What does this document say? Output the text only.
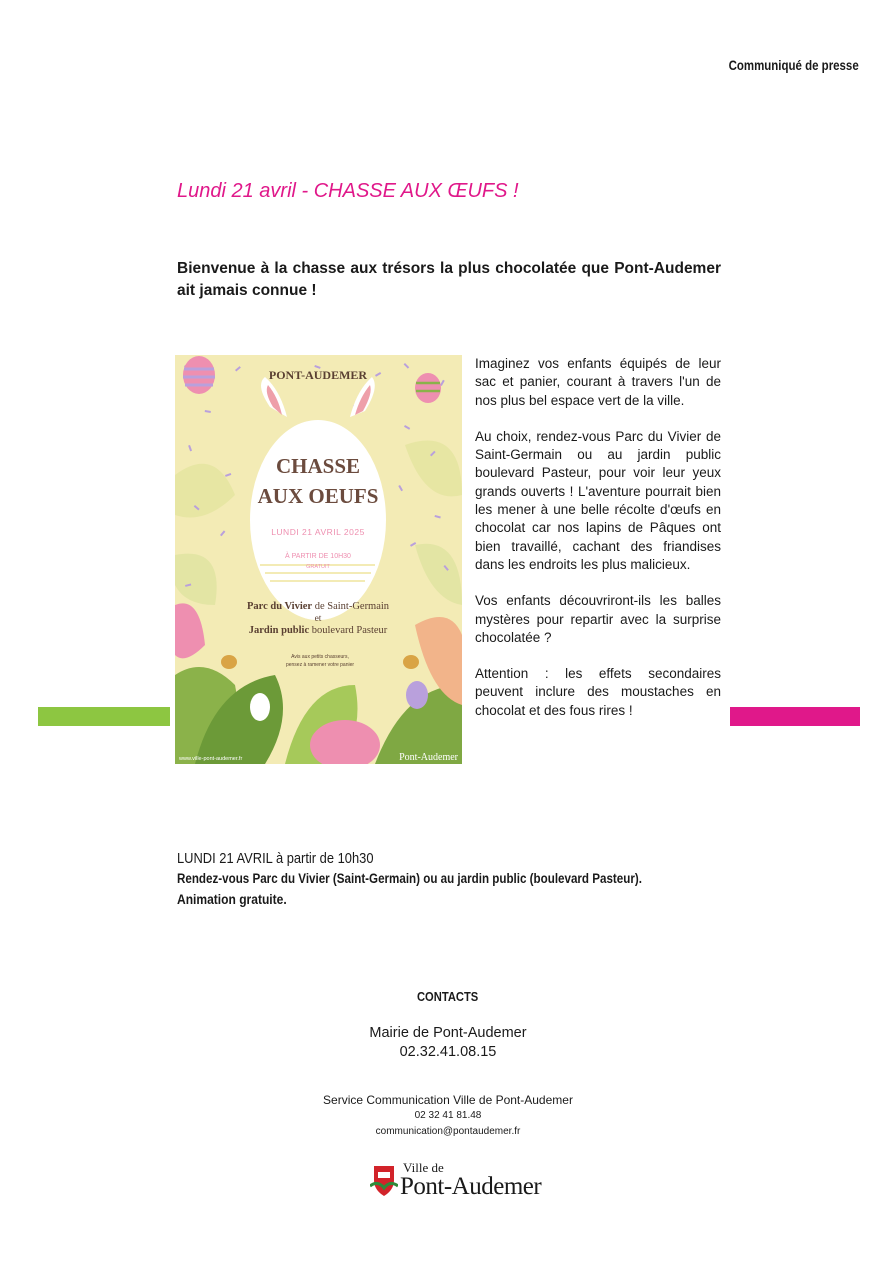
Communiqué de presse
Lundi 21 avril - CHASSE AUX ŒUFS !

Bienvenue à la chasse aux trésors la plus chocolatée que Pont-Audemer ait jamais connue !

PONT-AUDEMER
CHASSE
AUX OEUFS
LUNDI 21 AVRIL 2025
À PARTIR DE 10H30
GRATUIT
Parc du Vivier de Saint-Germain
et
Jardin public boulevard Pasteur
Avis aux petits chasseurs,
pensez à ramener votre panier
www.ville-pont-audemer.fr	Pont-Audemer

Imaginez vos enfants équipés de leur sac et panier, courant à travers l'un de nos plus bel espace vert de la ville.

Au choix, rendez-vous Parc du Vivier de Saint-Germain ou au jardin public boulevard Pasteur, pour voir leur yeux grands ouverts ! L'aventure pourrait bien les mener à une belle récolte d'œufs en chocolat car nos lapins de Pâques ont bien travaillé, cachant des friandises dans les endroits les plus malicieux.

Vos enfants découvriront-ils les balles mystères pour repartir avec la surprise chocolatée ?

Attention : les effets secondaires peuvent inclure des moustaches en chocolat et des fous rires !

LUNDI 21 AVRIL à partir de 10h30
Rendez-vous Parc du Vivier (Saint-Germain) ou au jardin public (boulevard Pasteur).
Animation gratuite.
CONTACTS
Mairie de Pont-Audemer
02.32.41.08.15
Service Communication Ville de Pont-Audemer
02 32 41 81.48
communication@pontaudemer.fr
Ville de
Pont-Audemer
